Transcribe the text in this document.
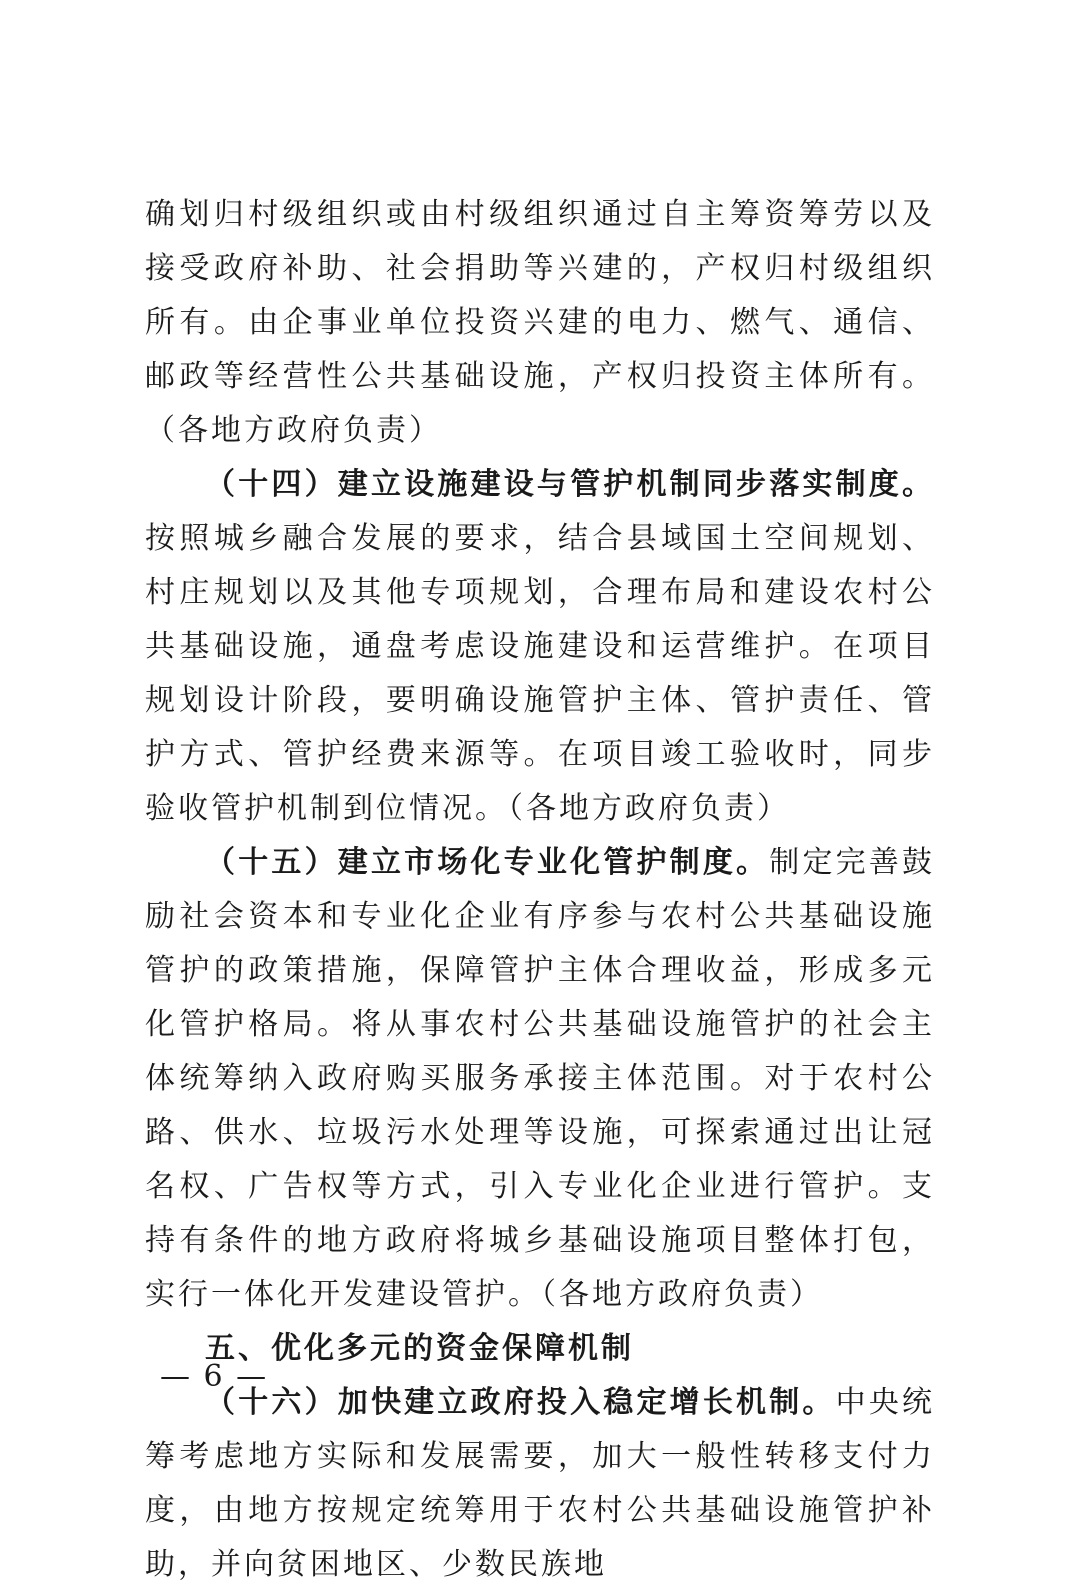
确划归村级组织或由村级组织通过自主筹资筹劳以及接受政府补助、社会捐助等兴建的，产权归村级组织所有。由企事业单位投资兴建的电力、燃气、通信、邮政等经营性公共基础设施，产权归投资主体所有。（各地方政府负责）

（十四）建立设施建设与管护机制同步落实制度。按照城乡融合发展的要求，结合县域国土空间规划、村庄规划以及其他专项规划，合理布局和建设农村公共基础设施，通盘考虑设施建设和运营维护。在项目规划设计阶段，要明确设施管护主体、管护责任、管护方式、管护经费来源等。在项目竣工验收时，同步验收管护机制到位情况。（各地方政府负责）

（十五）建立市场化专业化管护制度。制定完善鼓励社会资本和专业化企业有序参与农村公共基础设施管护的政策措施，保障管护主体合理收益，形成多元化管护格局。将从事农村公共基础设施管护的社会主体统筹纳入政府购买服务承接主体范围。对于农村公路、供水、垃圾污水处理等设施，可探索通过出让冠名权、广告权等方式，引入专业化企业进行管护。支持有条件的地方政府将城乡基础设施项目整体打包，实行一体化开发建设管护。（各地方政府负责）

五、优化多元的资金保障机制

（十六）加快建立政府投入稳定增长机制。中央统筹考虑地方实际和发展需要，加大一般性转移支付力度，由地方按规定统筹用于农村公共基础设施管护补助，并向贫困地区、少数民族地

— 6 —
